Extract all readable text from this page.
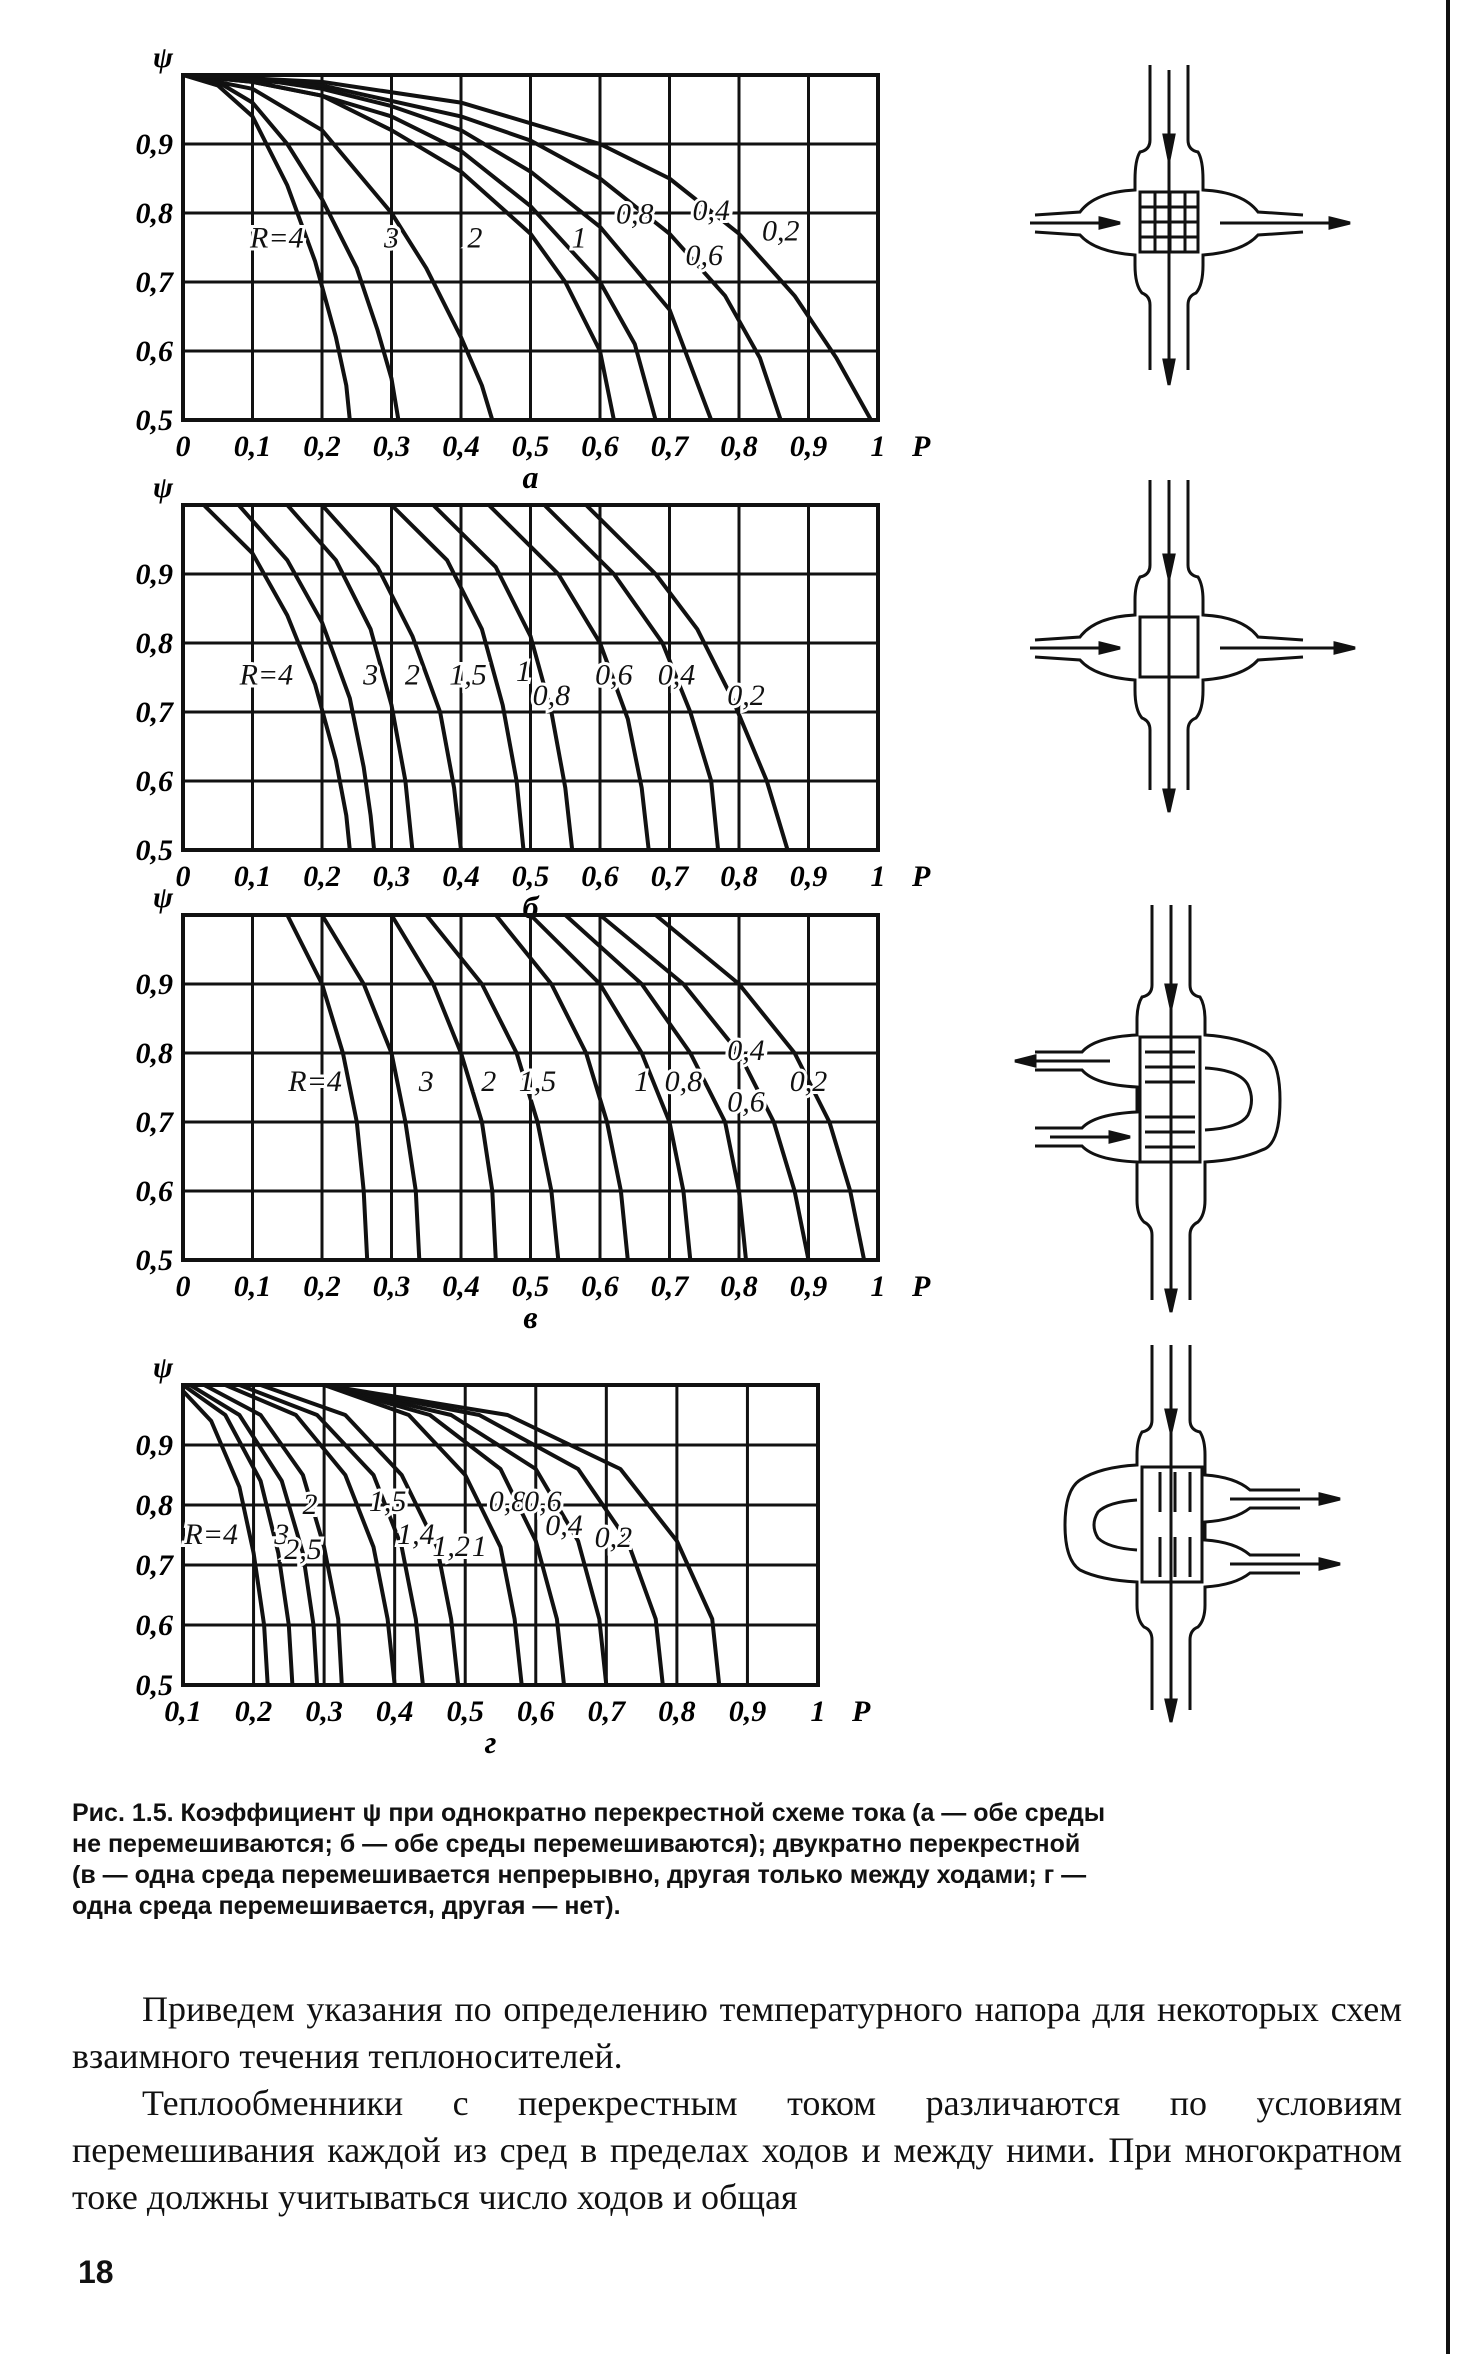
0 0,1 0,2 0,3 0,4 0,5 0,6 0,7 0,8 0,9 1 P
0,5
0,6
0,7
0,8
0,9
ψ
а
R=4	3 2	1
0,8 0,4
0,2
0,6
0 0,1 0,2 0,3 0,4 0,5 0,6 0,7 0,8 0,9 1 P
0,5
0,6
0,7
0,8
0,9
ψ
б
R=4 3 2 1,5 1
0,8
0,6 0,4
0,2
0 0,1 0,2 0,3 0,4 0,5 0,6 0,7 0,8 0,9 1 P
0,5
0,6
0,7
0,8
0,9
ψ
в
R=4	3 2 1,5	1 0,8
0,4
0,6
0,2
0,1 0,2 0,3 0,4 0,5 0,6 0,7 0,8 0,9 1 P
0,5
0,6
0,7
0,8
0,9
ψ
г
R=4 3
2
2,5
1,5
1,4
1,2 1
0,8
0,6
0,4 0,2
Рис. 1.5. Коэффициент ψ при однократно перекрестной схеме тока (а — обе среды
не перемешиваются; б — обе среды перемешиваются); двукратно перекрестной
(в — одна среда перемешивается непрерывно, другая только между ходами; г —
одна среда перемешивается, другая — нет).

Приведем указания по определению температурного напора для некоторых схем взаимного течения теплоносителей.

Теплообменники с перекрестным током различаются по условиям перемешивания каждой из сред в пределах ходов и между ними. При многократном токе должны учитываться число ходов и общая

18
